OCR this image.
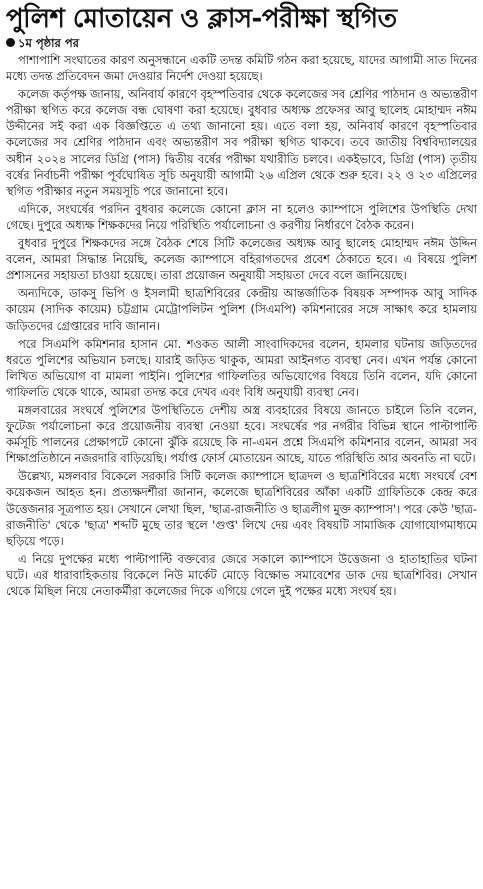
পুলিশ মোতায়েন ও ক্লাস-পরীক্ষা স্থগিত
১ম পৃষ্ঠার পর

পাশাপাশি সংঘাতের কারণ অনুসন্ধানে একটি তদন্ত কমিটি গঠন করা হয়েছে, যাদের আগামী সাত দিনের মধ্যে তদন্ত প্রতিবেদন জমা দেওয়ার নির্দেশ দেওয়া হয়েছে।

কলেজ কর্তৃপক্ষ জানায়, অনিবার্য কারণে বৃহস্পতিবার থেকে কলেজের সব শ্রেণির পাঠদান ও অভ্যন্তরীণ পরীক্ষা স্থগিত করে কলেজ বন্ধ ঘোষণা করা হয়েছে। বুধবার অধ্যক্ষ প্রফেসর আবু ছালেহ মোহাম্মদ নঈম উদ্দীনের সই করা এক বিজ্ঞপ্তিতে এ তথ্য জানানো হয়। এতে বলা হয়, অনিবার্য কারণে বৃহস্পতিবার কলেজের সব শ্রেণির পাঠদান এবং অভ্যন্তরীণ সব পরীক্ষা স্থগিত থাকবে। তবে জাতীয় বিশ্ববিদ্যালয়ের অধীন ২০২৪ সালের ডিগ্রি (পাস) দ্বিতীয় বর্ষের পরীক্ষা যথারীতি চলবে। একইভাবে, ডিগ্রি (পাস) তৃতীয় বর্ষের নির্বাচনী পরীক্ষা পূর্বঘোষিত সূচি অনুযায়ী আগামী ২৬ এপ্রিল থেকে শুরু হবে। ২২ ও ২৩ এপ্রিলের স্থগিত পরীক্ষার নতুন সময়সূচি পরে জানানো হবে।

এদিকে, সংঘর্ষের পরদিন বুধবার কলেজে কোনো ক্লাস না হলেও ক্যাম্পাসে পুলিশের উপস্থিতি দেখা গেছে। দুপুরে অধ্যক্ষ শিক্ষকদের নিয়ে পরিস্থিতি পর্যালোচনা ও করণীয় নির্ধারণে বৈঠক করেন।

বুধবার দুপুরে শিক্ষকদের সঙ্গে বৈঠক শেষে সিটি কলেজের অধ্যক্ষ আবু ছালেহ মোহাম্মদ নঈম উদ্দিন বলেন, আমরা সিদ্ধান্ত নিয়েছি, কলেজ ক্যাম্পাসে বহিরাগতদের প্রবেশ ঠেকাতে হবে। এ বিষয়ে পুলিশ প্রশাসনের সহায়তা চাওয়া হয়েছে। তারা প্রয়োজন অনুযায়ী সহায়তা দেবে বলে জানিয়েছে।

অন্যদিকে, ডাকসু ভিপি ও ইসলামী ছাত্রশিবিরের কেন্দ্রীয় আন্তর্জাতিক বিষয়ক সম্পাদক আবু সাদিক কায়েম (সাদিক কায়েম) চট্টগ্রাম মেট্রোপলিটন পুলিশ (সিএমপি) কমিশনারের সঙ্গে সাক্ষাৎ করে হামলায় জড়িতদের গ্রেপ্তারের দাবি জানান।

পরে সিএমপি কমিশনার হাসান মো. শওকত আলী সাংবাদিকদের বলেন, হামলার ঘটনায় জড়িতদের ধরতে পুলিশের অভিযান চলছে। যারাই জড়িত থাকুক, আমরা আইনগত ব্যবস্থা নেব। এখন পর্যন্ত কোনো লিখিত অভিযোগ বা মামলা পাইনি। পুলিশের গাফিলতির অভিযোগের বিষয়ে তিনি বলেন, যদি কোনো গাফিলতি থেকে থাকে, আমরা তদন্ত করে দেখব এবং বিধি অনুযায়ী ব্যবস্থা নেব।

মঙ্গলবারের সংঘর্ষে পুলিশের উপস্থিতিতে দেশীয় অস্ত্র ব্যবহারের বিষয়ে জানতে চাইলে তিনি বলেন, ফুটেজ পর্যালোচনা করে প্রয়োজনীয় ব্যবস্থা নেওয়া হবে। সংঘর্ষের পর নগরীর বিভিন্ন স্থানে পাল্টাপাল্টি কর্মসূচি পালনের প্রেক্ষাপটে কোনো ঝুঁকি রয়েছে কি না-এমন প্রশ্নে সিএমপি কমিশনার বলেন, আমরা সব শিক্ষাপ্রতিষ্ঠানে নজরদারি বাড়িয়েছি। পর্যাপ্ত ফোর্স মোতায়েন আছে, যাতে পরিস্থিতি আর অবনতি না ঘটে।

উল্লেখ্য, মঙ্গলবার বিকেলে সরকারি সিটি কলেজ ক্যাম্পাসে ছাত্রদল ও ছাত্রশিবিরের মধ্যে সংঘর্ষে বেশ কয়েকজন আহত হন। প্রত্যক্ষদর্শীরা জানান, কলেজে ছাত্রশিবিরের আঁকা একটি গ্রাফিতিকে কেন্দ্র করে উত্তেজনার সূত্রপাত হয়। সেখানে লেখা ছিল, 'ছাত্র-রাজনীতি ও ছাত্রলীগ মুক্ত ক্যাম্পাস'। পরে কেউ 'ছাত্র-রাজনীতি' থেকে 'ছাত্র' শব্দটি মুছে তার স্থলে 'গুপ্ত' লিখে দেয় এবং বিষয়টি সামাজিক যোগাযোগমাধ্যমে ছড়িয়ে পড়ে।

এ নিয়ে দুপক্ষের মধ্যে পাল্টাপাল্টি বক্তব্যের জেরে সকালে ক্যাম্পাসে উত্তেজনা ও হাতাহাতির ঘটনা ঘটে। এর ধারাবাহিকতায় বিকেলে নিউ মার্কেট মোড়ে বিক্ষোভ সমাবেশের ডাক দেয় ছাত্রশিবির। সেখান থেকে মিছিল নিয়ে নেতাকর্মীরা কলেজের দিকে এগিয়ে গেলে দুই পক্ষের মধ্যে সংঘর্ষ হয়।
